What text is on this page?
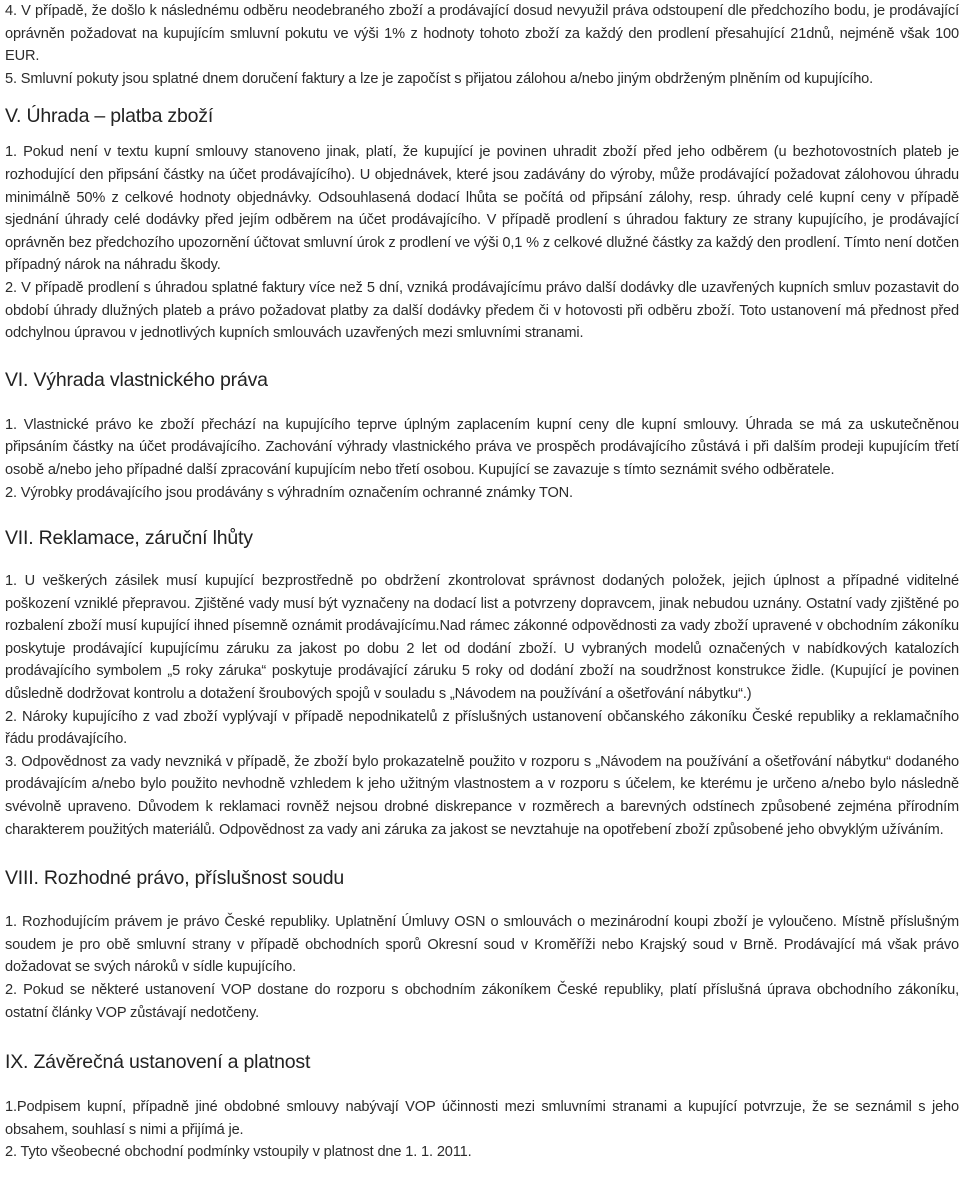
4. V případě, že došlo k následnému odběru neodebraného zboží a prodávající dosud nevyužil práva odstoupení dle předchozího bodu, je prodávající oprávněn požadovat na kupujícím smluvní pokutu ve výši 1% z hodnoty tohoto zboží za každý den prodlení přesahující 21dnů, nejméně však 100 EUR.

5. Smluvní pokuty jsou splatné dnem doručení faktury a lze je započíst s přijatou zálohou a/nebo jiným obdrženým plněním od kupujícího.

V. Úhrada – platba zboží

1. Pokud není v textu kupní smlouvy stanoveno jinak, platí, že kupující je povinen uhradit zboží před jeho odběrem (u bezhotovostních plateb je rozhodující den připsání částky na účet prodávajícího). U objednávek, které jsou zadávány do výroby, může prodávající požadovat zálohovou úhradu minimálně 50% z celkové hodnoty objednávky. Odsouhlasená dodací lhůta se počítá od připsání zálohy, resp. úhrady celé kupní ceny v případě sjednání úhrady celé dodávky před jejím odběrem na účet prodávajícího. V případě prodlení s úhradou faktury ze strany kupujícího, je prodávající oprávněn bez předchozího upozornění účtovat smluvní úrok z prodlení ve výši 0,1 % z celkové dlužné částky za každý den prodlení. Tímto není dotčen případný nárok na náhradu škody.

2. V případě prodlení s úhradou splatné faktury více než 5 dní, vzniká prodávajícímu právo další dodávky dle uzavřených kupních smluv pozastavit do období úhrady dlužných plateb a právo požadovat platby za další dodávky předem či v hotovosti při odběru zboží. Toto ustanovení má přednost před odchylnou úpravou v jednotlivých kupních smlouvách uzavřených mezi smluvními stranami.

VI. Výhrada vlastnického práva

1. Vlastnické právo ke zboží přechází na kupujícího teprve úplným zaplacením kupní ceny dle kupní smlouvy. Úhrada se má za uskutečněnou připsáním částky na účet prodávajícího. Zachování výhrady vlastnického práva ve prospěch prodávajícího zůstává i při dalším prodeji kupujícím třetí osobě a/nebo jeho případné další zpracování kupujícím nebo třetí osobou. Kupující se zavazuje s tímto seznámit svého odběratele.

2. Výrobky prodávajícího jsou prodávány s výhradním označením ochranné známky TON.

VII. Reklamace, záruční lhůty

1. U veškerých zásilek musí kupující bezprostředně po obdržení zkontrolovat správnost dodaných položek, jejich úplnost a případné viditelné poškození vzniklé přepravou. Zjištěné vady musí být vyznačeny na dodací list a potvrzeny dopravcem, jinak nebudou uznány. Ostatní vady zjištěné po rozbalení zboží musí kupující ihned písemně oznámit prodávajícímu.Nad rámec zákonné odpovědnosti za vady zboží upravené v obchodním zákoníku poskytuje prodávající kupujícímu záruku za jakost po dobu 2 let od dodání zboží. U vybraných modelů označených v nabídkových katalozích prodávajícího symbolem „5 roky záruka“ poskytuje prodávající záruku 5 roky od dodání zboží na soudržnost konstrukce židle. (Kupující je povinen důsledně dodržovat kontrolu a dotažení šroubových spojů v souladu s „Návodem na používání a ošetřování nábytku“.)

2. Nároky kupujícího z vad zboží vyplývají v případě nepodnikatelů z příslušných ustanovení občanského zákoníku České republiky a reklamačního řádu prodávajícího.

3. Odpovědnost za vady nevzniká v případě, že zboží bylo prokazatelně použito v rozporu s „Návodem na používání a ošetřování nábytku“ dodaného prodávajícím a/nebo bylo použito nevhodně vzhledem k jeho užitným vlastnostem a v rozporu s účelem, ke kterému je určeno a/nebo bylo následně svévolně upraveno. Důvodem k reklamaci rovněž nejsou drobné diskrepance v rozměrech a barevných odstínech způsobené zejména přírodním charakterem použitých materiálů. Odpovědnost za vady ani záruka za jakost se nevztahuje na opotřebení zboží způsobené jeho obvyklým užíváním.

VIII. Rozhodné právo, příslušnost soudu

1. Rozhodujícím právem je právo České republiky. Uplatnění Úmluvy OSN o smlouvách o mezinárodní koupi zboží je vyloučeno. Místně příslušným soudem je pro obě smluvní strany v případě obchodních sporů Okresní soud v Kroměříži nebo Krajský soud v Brně. Prodávající má však právo dožadovat se svých nároků v sídle kupujícího.

2. Pokud se některé ustanovení VOP dostane do rozporu s obchodním zákoníkem České republiky, platí příslušná úprava obchodního zákoníku, ostatní články VOP zůstávají nedotčeny.

IX. Závěrečná ustanovení a platnost

1.Podpisem kupní, případně jiné obdobné smlouvy nabývají VOP účinnosti mezi smluvními stranami a kupující potvrzuje, že se seznámil s jeho obsahem, souhlasí s nimi a přijímá je.

2. Tyto všeobecné obchodní podmínky vstoupily v platnost dne 1. 1. 2011.
